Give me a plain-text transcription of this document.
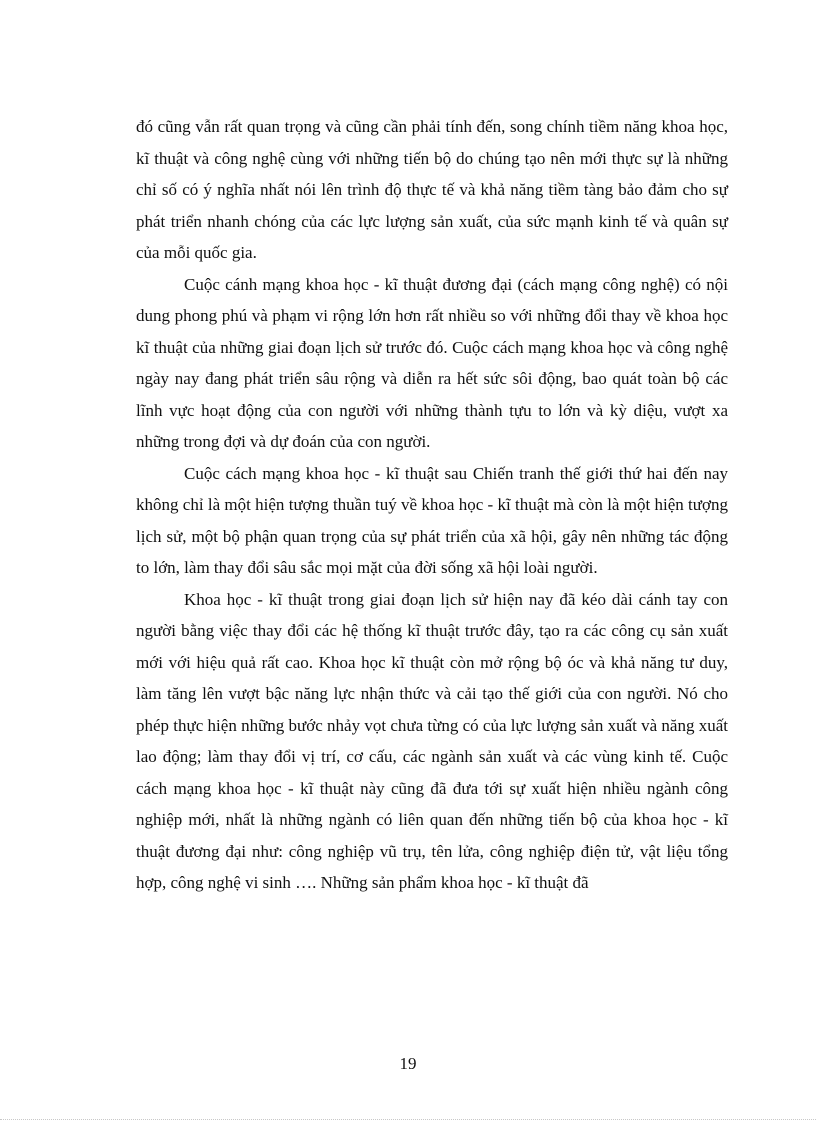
đó cũng vẫn rất quan trọng và cũng cần phải tính đến, song chính tiềm năng khoa học, kĩ thuật và công nghệ cùng với những tiến bộ do chúng tạo nên mới thực sự là những chỉ số có ý nghĩa nhất nói lên trình độ thực tế và khả năng tiềm tàng bảo đảm cho sự phát triển nhanh chóng của các lực lượng sản xuất, của sức mạnh kinh tế và quân sự của mỗi quốc gia.

Cuộc cánh mạng khoa học - kĩ thuật đương đại (cách mạng công nghệ) có nội dung phong phú và phạm vi rộng lớn hơn rất nhiều so với những đổi thay về khoa học kĩ thuật của những giai đoạn lịch sử trước đó. Cuộc cách mạng khoa học và công nghệ ngày nay đang phát triển sâu rộng và diễn ra hết sức sôi động, bao quát toàn bộ các lĩnh vực hoạt động của con người với những thành tựu to lớn và kỳ diệu, vượt xa những trong đợi và dự đoán của con người.

Cuộc cách mạng khoa học - kĩ thuật sau Chiến tranh thế giới thứ hai đến nay không chỉ là một hiện tượng thuần tuý về khoa học - kĩ thuật mà còn là một hiện tượng lịch sử, một bộ phận quan trọng của sự phát triển của xã hội, gây nên những tác động to lớn, làm thay đổi sâu sắc mọi mặt của đời sống xã hội loài người.

Khoa học - kĩ thuật trong giai đoạn lịch sử hiện nay đã kéo dài cánh tay con người bằng việc thay đổi các hệ thống kĩ thuật trước đây, tạo ra các công cụ sản xuất mới với hiệu quả rất cao. Khoa học kĩ thuật còn mở rộng bộ óc và khả năng tư duy, làm tăng lên vượt bậc năng lực nhận thức và cải tạo thế giới của con người. Nó cho phép thực hiện những bước nhảy vọt chưa từng có của lực lượng sản xuất và năng xuất lao động; làm thay đổi vị trí, cơ cấu, các ngành sản xuất và các vùng kinh tế. Cuộc cách mạng khoa học - kĩ thuật này cũng đã đưa tới sự xuất hiện nhiều ngành công nghiệp mới, nhất là những ngành có liên quan đến những tiến bộ của khoa học - kĩ thuật đương đại như: công nghiệp vũ trụ, tên lửa, công nghiệp điện tử, vật liệu tổng hợp, công nghệ vi sinh …. Những sản phẩm khoa học - kĩ thuật đã

19
